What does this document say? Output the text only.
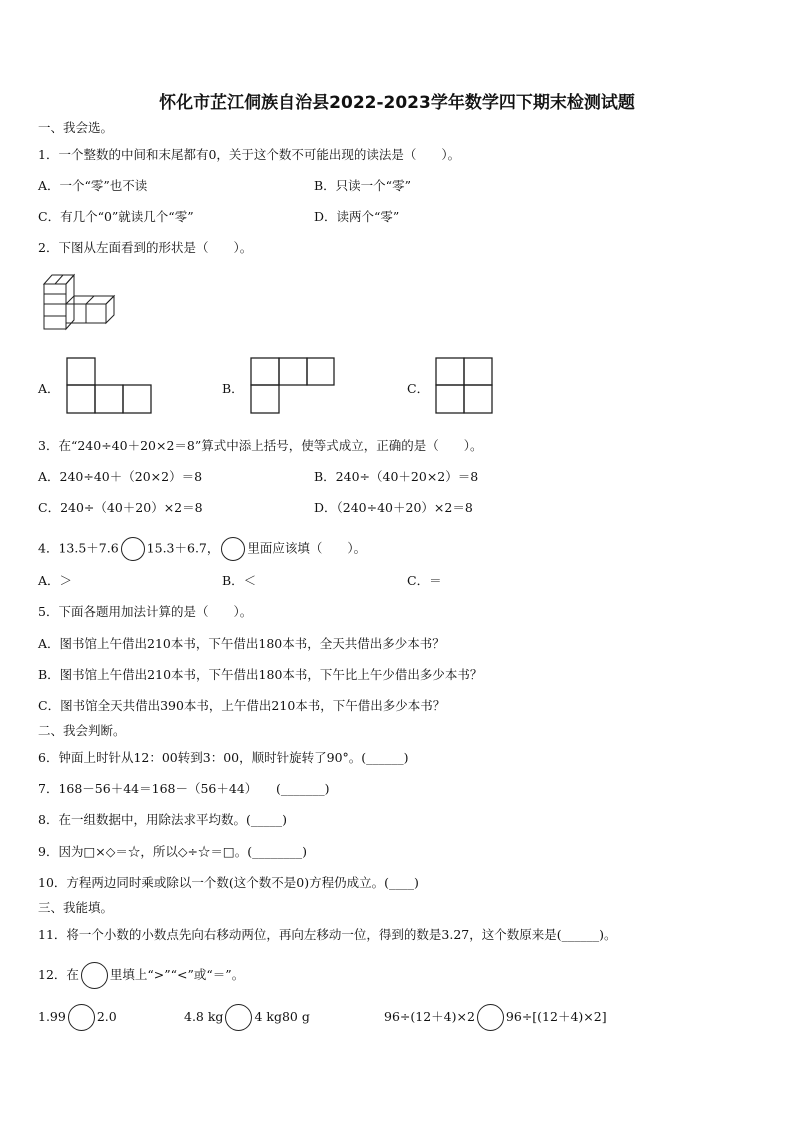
怀化市芷江侗族自治县2022-2023学年数学四下期末检测试题
一、我会选。
1．一个整数的中间和末尾都有0，关于这个数不可能出现的读法是（　　）。
A．一个“零”也不读	B．只读一个“零”
C．有几个“0”就读几个“零”	D．读两个“零”
2．下图从左面看到的形状是（　　）。
A．	B．	C．
3．在“240÷40＋20×2＝8”算式中添上括号，使等式成立，正确的是（　　）。
A．240÷40＋（20×2）＝8	B．240÷（40＋20×2）＝8
C．240÷（40＋20）×2＝8	D．（240÷40＋20）×2＝8
4．13.5＋7.6 15.3＋6.7， 里面应该填（　　）。
A．＞	B．＜	C．＝
5．下面各题用加法计算的是（　　）。
A．图书馆上午借出210本书，下午借出180本书，全天共借出多少本书？
B．图书馆上午借出210本书，下午借出180本书，下午比上午少借出多少本书？
C．图书馆全天共借出390本书，上午借出210本书，下午借出多少本书？
二、我会判断。
6．钟面上时针从12：00转到3：00，顺时针旋转了90°。(______)
7．168－56＋44＝168－（56＋44）　　(_______)
8．在一组数据中，用除法求平均数。(_____)
9．因为□×◇＝☆，所以◇÷☆＝□。(________)
10．方程两边同时乘或除以一个数(这个数不是0)方程仍成立。(____)
三、我能填。
11．将一个小数的小数点先向右移动两位，再向左移动一位，得到的数是3.27，这个数原来是(______)。
12．在 里填上“>”“<”或“＝”。
1.99 2.0	4.8 kg 4 kg80 g	96÷(12＋4)×2 96÷[(12＋4)×2]
